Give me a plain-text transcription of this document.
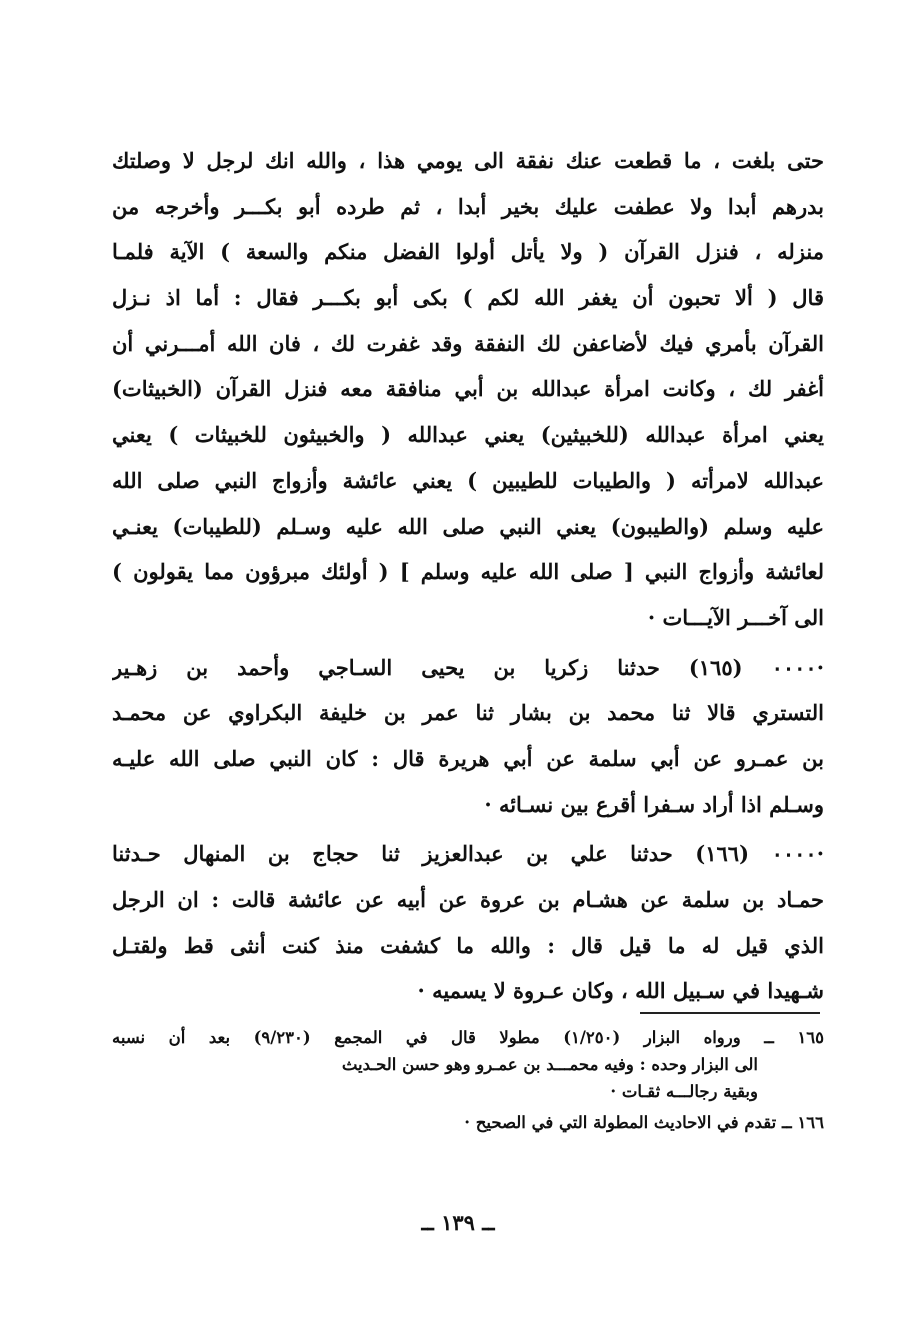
حتى بلغت ، ما قطعت عنك نفقة الى يومي هذا ، والله انك لرجل لا وصلتك
بدرهم أبدا ولا عطفت عليك بخير أبدا ، ثم طرده أبو بكـــر وأخرجه من
منزله ، فنزل القرآن ( ولا يأتل أولوا الفضل منكم والسعة ) الآية فلمـا
قال ( ألا تحبون أن يغفر الله لكم ) بكى أبو بكـــر فقال : أما اذ نـزل
القرآن بأمري فيك لأضاعفن لك النفقة وقد غفرت لك ، فان الله أمـــرني أن
أغفر لك ، وكانت امرأة عبدالله بن أبي منافقة معه فنزل القرآن (الخبيثات)
يعني امرأة عبدالله (للخبيثين) يعني عبدالله ( والخبيثون للخبيثات ) يعني
عبدالله لامرأته ( والطيبات للطيبين ) يعني عائشة وأزواج النبي صلى الله
عليه وسلم (والطيبون) يعني النبي صلى الله عليه وسـلم (للطيبات) يعنـي
لعائشة وأزواج النبي [ صلى الله عليه وسلم ] ( أولئك مبرؤون مما يقولون )
الى آخـــر الآيـــات ·
·٠٠٠٠ (١٦٥) حدثنا زكريا بن يحيى السـاجي وأحمد بن زهـير
التستري قالا ثنا محمد بن بشار ثنا عمر بن خليفة البكراوي عن محمـد
بن عمـرو عن أبي سلمة عن أبي هريرة قال : كان النبي صلى الله عليـه
وسـلم اذا أراد سـفرا أقرع بين نسـائه ·
·٠٠٠٠ (١٦٦) حدثنا علي بن عبدالعزيز ثنا حجاج بن المنهال حـدثنا
حمـاد بن سلمة عن هشـام بن عروة عن أبيه عن عائشة قالت : ان الرجل
الذي قيل له ما قيل قال : والله ما كشفت منذ كنت أنثى قط ولقتـل
شـهيدا في سـبيل الله ، وكان عـروة لا يسميه ·
١٦٥ ــ ورواه البزار (١/٢٥٠) مطولا قال في المجمع (٩/٢٣٠) بعد أن نسبه
الى البزار وحده : وفيه محمـــد بن عمـرو وهو حسن الحـديث
وبقية رجالـــه ثقـات ·
١٦٦ ــ تقدم في الاحاديث المطولة التي في الصحيح ·
ــ ١٣٩ ــ
